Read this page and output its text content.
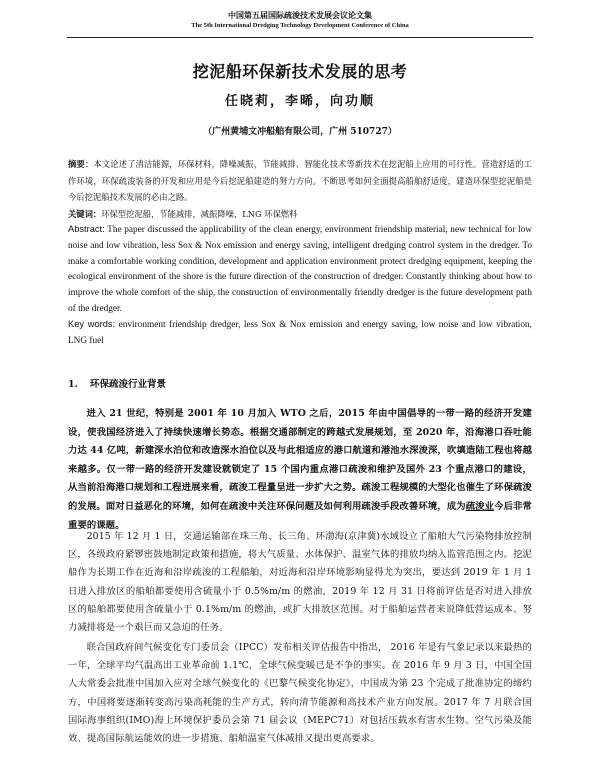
中国第五届国际疏浚技术发展会议论文集
The 5th International Dredging Technology Development Conference of China
挖泥船环保新技术发展的思考
任晓莉，李晞，向功顺
（广州黄埔文冲船舶有限公司，广州 510727）
摘要：本文论述了清洁能源，环保材料，降噪减振，节能减排、智能化技术等新技术在挖泥船上应用的可行性。营造舒适的工作环境，环保疏浚装备的开发和应用是今后挖泥船建造的努力方向。不断思考如何全面提高船舶舒适度，建造环保型挖泥船是今后挖泥船技术发展的必由之路。
关键词：环保型挖泥船，节能减排，减振降噪，LNG 环保燃料
Abstract: The paper discussed the applicability of the clean energy, environment friendship material, new technical for low noise and low vibration, less Sox & Nox emission and energy saving, intelligent dredging control system in the dredger. To make a comfortable working condition, development and application environment protect dredging equipment, keeping the ecological environment of the shore is the future direction of the construction of dredger. Constantly thinking about how to improve the whole comfort of the ship, the construction of environmentally friendly dredger is the future development path of the dredger.
Key words: environment friendship dredger, less Sox & Nox emission and energy saving, low noise and low vibration, LNG fuel
1. 环保疏浚行业背景
进入 21 世纪，特别是 2001 年 10 月加入 WTO 之后，2015 年由中国倡导的一带一路的经济开发建设，使我国经济进入了持续快速增长势态。根据交通部制定的跨越式发展规划，至 2020 年，沿海港口吞吐能力达 44 亿吨，新建深水泊位和改造深水泊位以及与此相适应的港口航道和港池水深浚深，吹填造陆工程也将越来越多。仅一带一路的经济开发建设就锁定了 15 个国内重点港口疏浚和维护及国外 23 个重点港口的建设，从当前沿海港口规划和工程进展来看，疏浚工程量呈进一步扩大之势。疏浚工程规模的大型化也催生了环保疏浚的发展。面对日益恶化的环境，如何在疏浚中关注环保问题及如何利用疏浚手段改善环境，成为疏浚业今后非常重要的课题。
2015 年 12 月 1 日，交通运输部在珠三角、长三角、环渤海(京津冀)水域设立了船舶大气污染物排放控制区，各级政府紧锣密鼓地制定政策和措施，将大气质量、水体保护、温室气体的排放均纳入监管范围之内。挖泥船作为长期工作在近海和沿岸疏浚的工程船舶，对近海和沿岸环境影响显得尤为突出，要达到 2019 年 1 月 1 日进入排放区的船舶都要使用含硫量小于 0.5%m/m 的燃油，2019 年 12 月 31 日将前评估是否对进入排放区的船舶都要使用含硫量小于 0.1%m/m 的燃油，或扩大排放区范围。对于船舶运营者来说降低营运成本、努力减排将是一个艰巨而又急迫的任务。
联合国政府间气候变化专门委员会（IPCC）发布相关评估报告中指出， 2016 年是有气象记录以来最热的一年，全球平均气温高出工业革命前 1.1℃，全球气候变暖已是不争的事实。在 2016 年 9 月 3 日，中国全国人大常委会批准中国加入应对全球气候变化的《巴黎气候变化协定》，中国成为第 23 个完成了批准协定的缔约方，中国将要逐渐转变高污染高耗能的生产方式，转向清节能源和高技术产业方向发展。2017 年 7 月联合国国际海事组织(IMO)海上环境保护委员会第 71 届会议（MEPC71）对包括压载水有害水生物、空气污染及能效、提高国际航运能效的进一步措施、船舶温室气体减排又提出更高要求。
